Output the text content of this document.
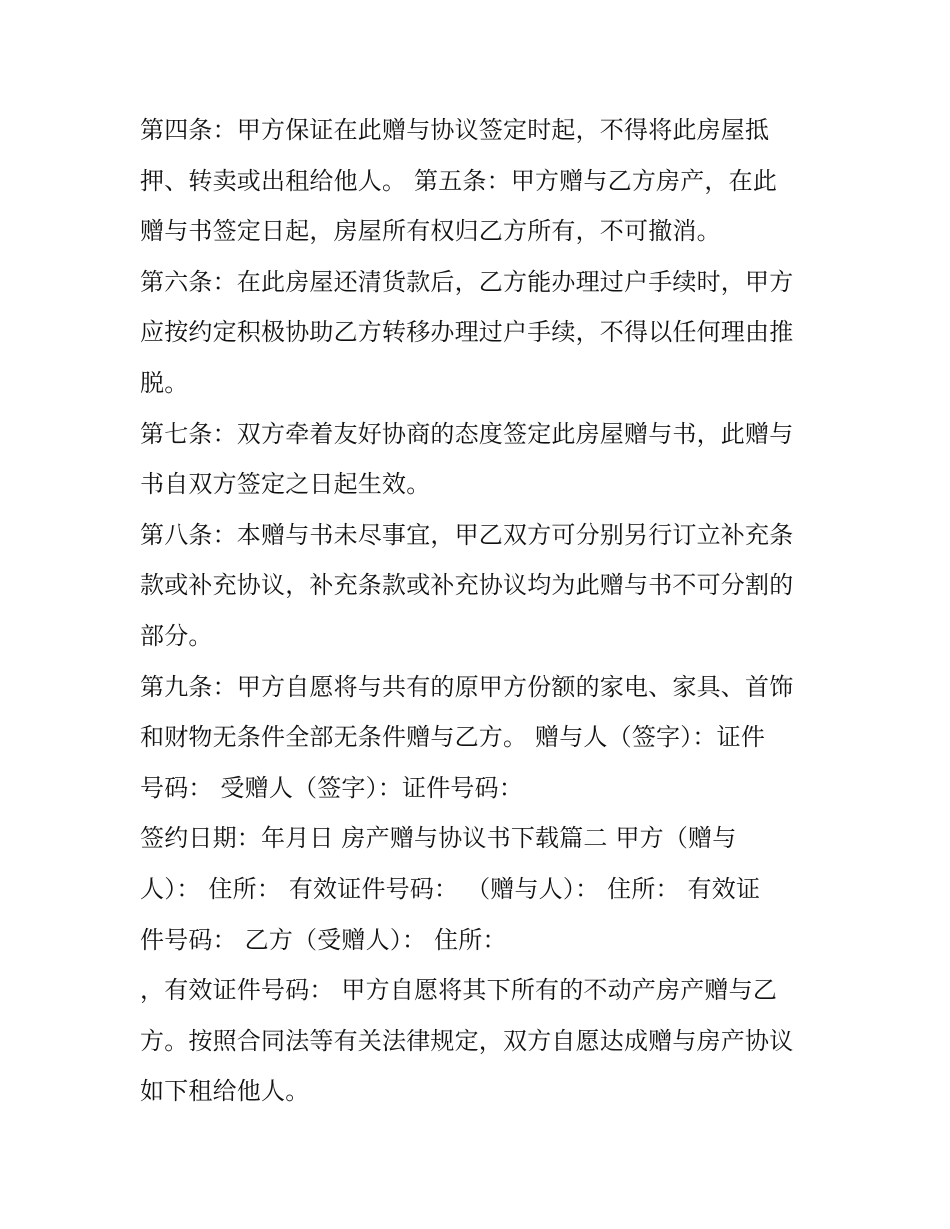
第四条：甲方保证在此赠与协议签定时起，不得将此房屋抵
押、转卖或出租给他人。 第五条：甲方赠与乙方房产，在此
赠与书签定日起，房屋所有权归乙方所有，不可撤消。
第六条：在此房屋还清货款后，乙方能办理过户手续时，甲方
应按约定积极协助乙方转移办理过户手续，不得以任何理由推
脱。
第七条：双方牵着友好协商的态度签定此房屋赠与书，此赠与
书自双方签定之日起生效。
第八条：本赠与书未尽事宜，甲乙双方可分别另行订立补充条
款或补充协议，补充条款或补充协议均为此赠与书不可分割的
部分。
第九条：甲方自愿将与共有的原甲方份额的家电、家具、首饰
和财物无条件全部无条件赠与乙方。 赠与人（签字）：证件
号码： 受赠人（签字）：证件号码：
签约日期：年月日 房产赠与协议书下载篇二 甲方（赠与
人）： 住所： 有效证件号码： （赠与人）： 住所： 有效证
件号码： 乙方（受赠人）： 住所：
，有效证件号码： 甲方自愿将其下所有的不动产房产赠与乙
方。按照合同法等有关法律规定，双方自愿达成赠与房产协议
如下租给他人。
